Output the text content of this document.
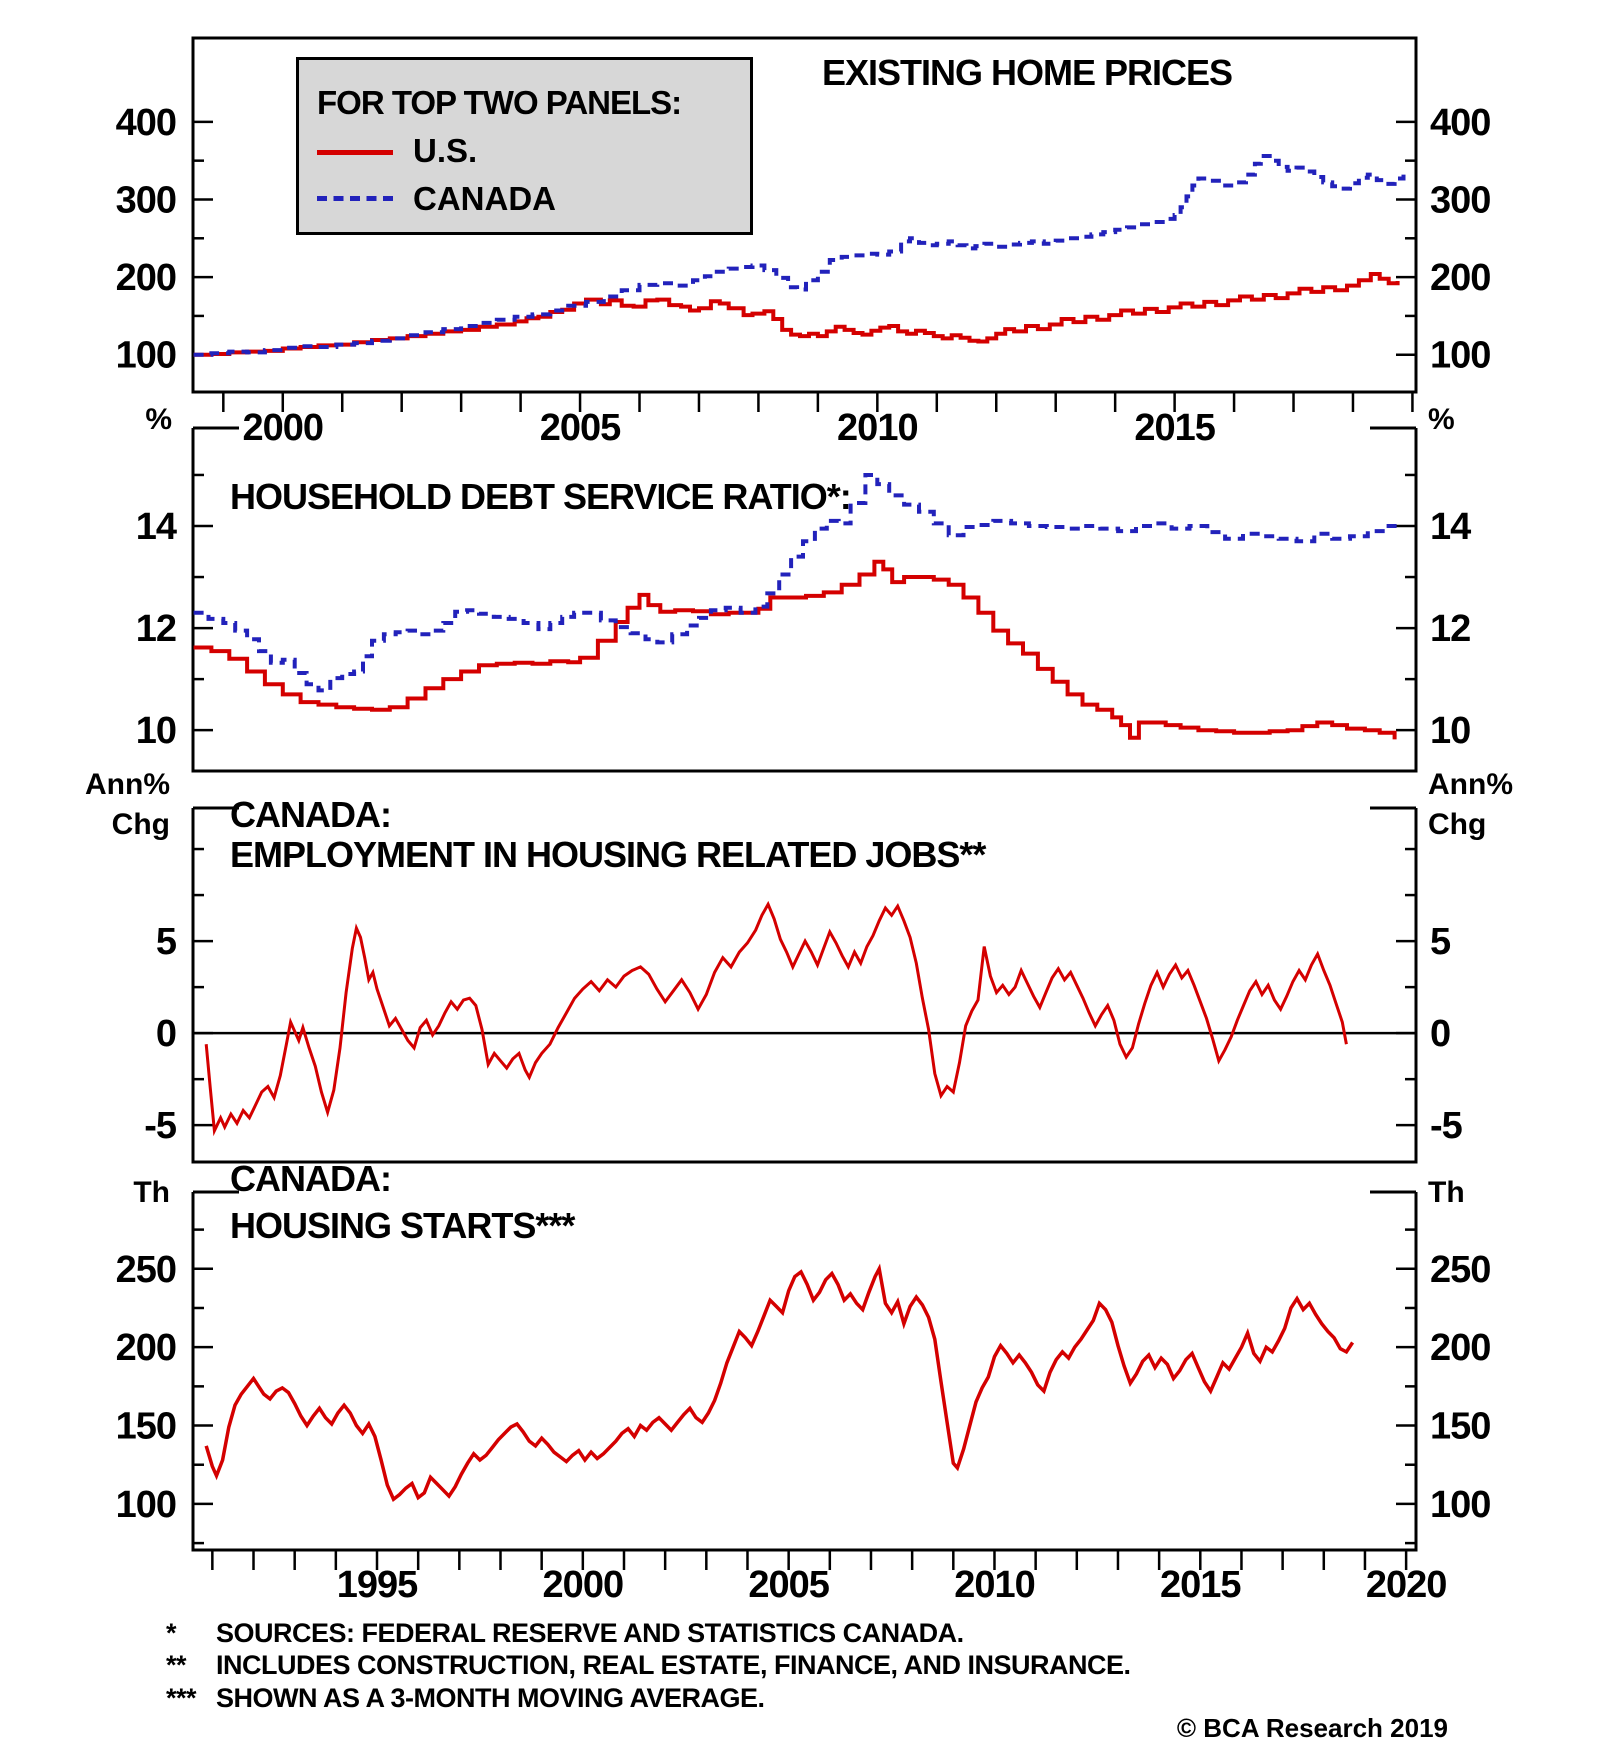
100	100
200	200
300	300
400	400
2000	2005	2010	2015
10	10
12	12
14	14
-5	-5
0	0
5	5
100	100
150	150
200	200
250	250
1995	2000	2005	2010	2015	2020
EXISTING HOME PRICES
FOR TOP TWO PANELS:
U.S.
CANADA
%	%
HOUSEHOLD DEBT SERVICE RATIO*:
Ann%
Chg
Ann%
Chg
CANADA:
EMPLOYMENT IN HOUSING RELATED JOBS**
Th	Th
CANADA:
HOUSING STARTS***
*	SOURCES: FEDERAL RESERVE AND STATISTICS CANADA.
**	INCLUDES CONSTRUCTION, REAL ESTATE, FINANCE, AND INSURANCE.
*** SHOWN AS A 3-MONTH MOVING AVERAGE.
© BCA Research 2019
